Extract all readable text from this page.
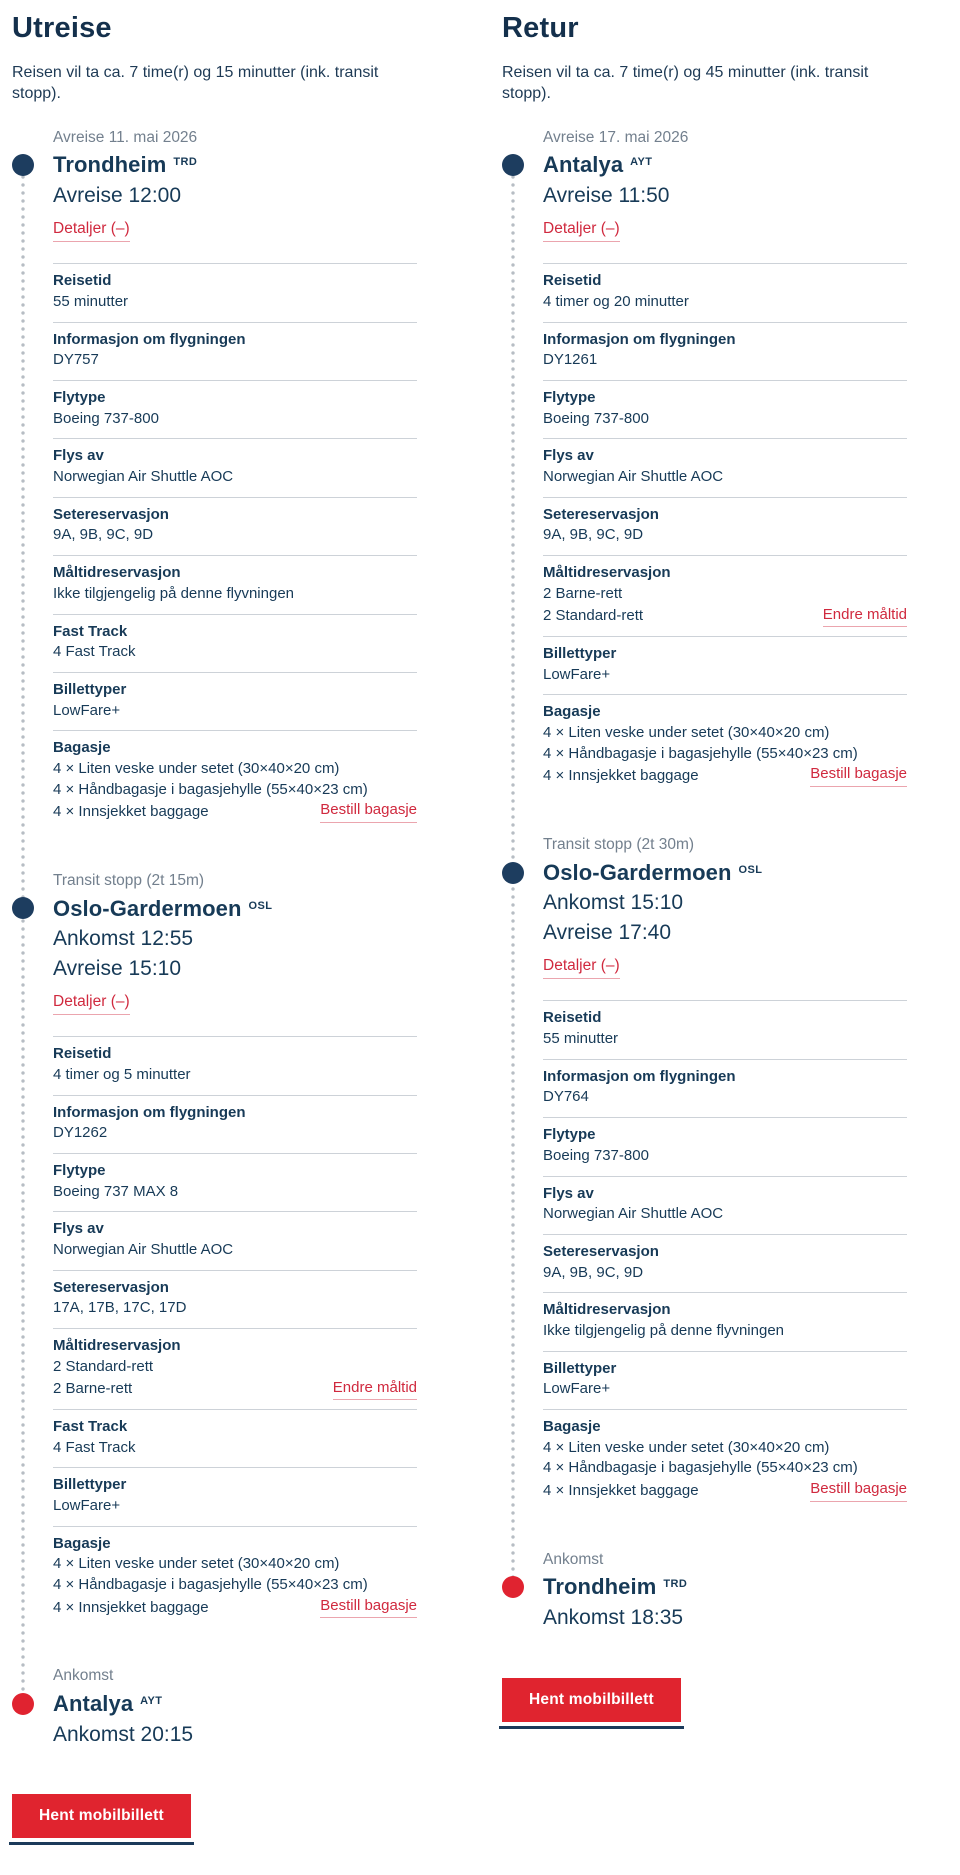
Utreise
Reisen vil ta ca. 7 time(r) og 15 minutter (ink. transit stopp).
Avreise 11. mai 2026
Trondheim $^{TRD}$
Avreise 12:00
Detaljer (–)
Reisetid
55 minutter
Informasjon om flygningen
DY757
Flytype
Boeing 737-800
Flys av
Norwegian Air Shuttle AOC
Setereservasjon
9A, 9B, 9C, 9D
Måltidreservasjon
Ikke tilgjengelig på denne flyvningen
Fast Track
4 Fast Track
Billettyper
LowFare+
Bagasje
4 × Liten veske under setet (30×40×20 cm)
4 × Håndbagasje i bagasjehylle (55×40×23 cm)
4 × Innsjekket baggage	Bestill bagasje
Transit stopp (2t 15m)
Oslo-Gardermoen $^{OSL}$
Ankomst 12:55
Avreise 15:10
Detaljer (–)
Reisetid
4 timer og 5 minutter
Informasjon om flygningen
DY1262
Flytype
Boeing 737 MAX 8
Flys av
Norwegian Air Shuttle AOC
Setereservasjon
17A, 17B, 17C, 17D
Måltidreservasjon
2 Standard-rett
2 Barne-rett	Endre måltid
Fast Track
4 Fast Track
Billettyper
LowFare+
Bagasje
4 × Liten veske under setet (30×40×20 cm)
4 × Håndbagasje i bagasjehylle (55×40×23 cm)
4 × Innsjekket baggage	Bestill bagasje
Ankomst
Antalya $^{AYT}$
Ankomst 20:15
Hent mobilbillett
Retur
Reisen vil ta ca. 7 time(r) og 45 minutter (ink. transit stopp).
Avreise 17. mai 2026
Antalya $^{AYT}$
Avreise 11:50
Detaljer (–)
Reisetid
4 timer og 20 minutter
Informasjon om flygningen
DY1261
Flytype
Boeing 737-800
Flys av
Norwegian Air Shuttle AOC
Setereservasjon
9A, 9B, 9C, 9D
Måltidreservasjon
2 Barne-rett
2 Standard-rett	Endre måltid
Billettyper
LowFare+
Bagasje
4 × Liten veske under setet (30×40×20 cm)
4 × Håndbagasje i bagasjehylle (55×40×23 cm)
4 × Innsjekket baggage	Bestill bagasje
Transit stopp (2t 30m)
Oslo-Gardermoen $^{OSL}$
Ankomst 15:10
Avreise 17:40
Detaljer (–)
Reisetid
55 minutter
Informasjon om flygningen
DY764
Flytype
Boeing 737-800
Flys av
Norwegian Air Shuttle AOC
Setereservasjon
9A, 9B, 9C, 9D
Måltidreservasjon
Ikke tilgjengelig på denne flyvningen
Billettyper
LowFare+
Bagasje
4 × Liten veske under setet (30×40×20 cm)
4 × Håndbagasje i bagasjehylle (55×40×23 cm)
4 × Innsjekket baggage	Bestill bagasje
Ankomst
Trondheim $^{TRD}$
Ankomst 18:35
Hent mobilbillett
